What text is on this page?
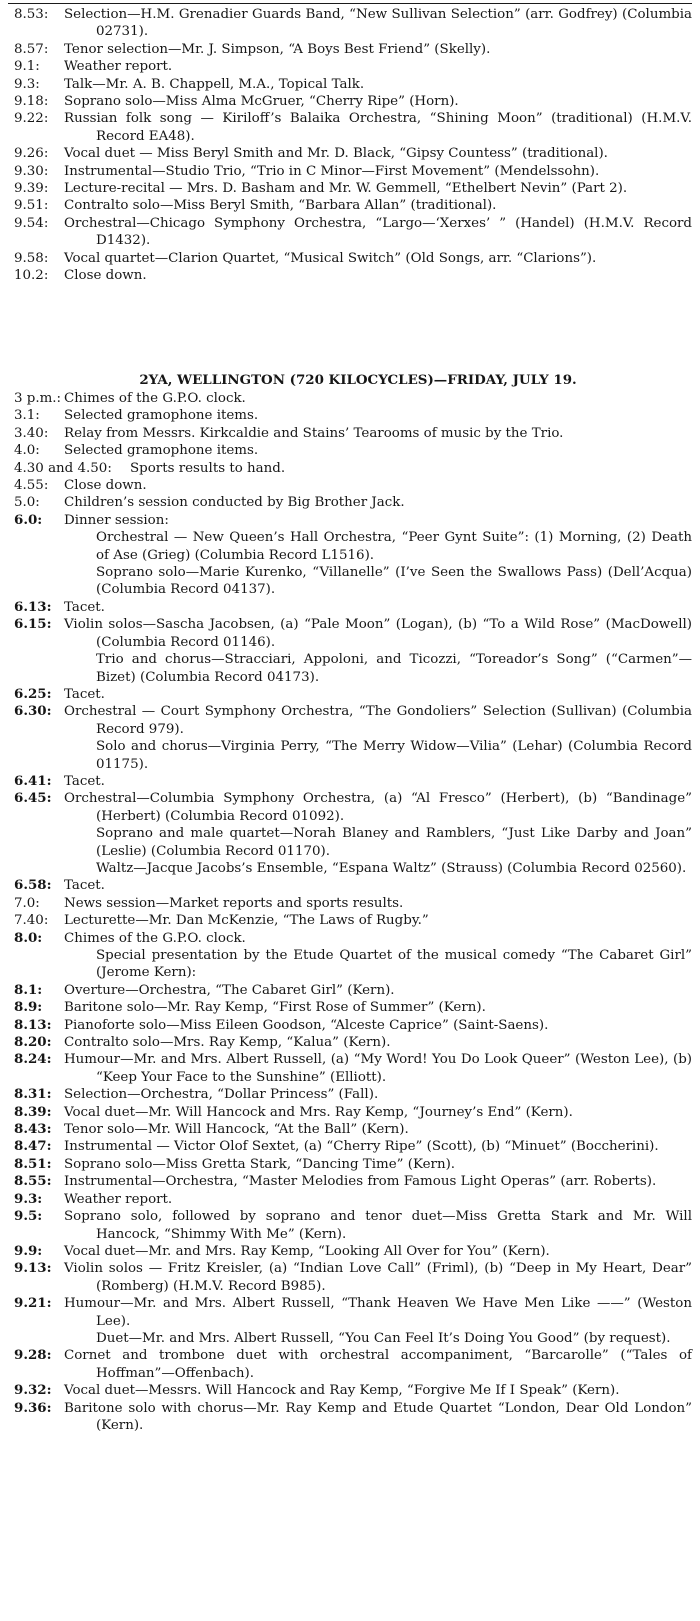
8.53: Selection—H.M. Grenadier Guards Band, “New Sullivan Selection” (arr. Godfrey) (Columbia 02731).
8.57: Tenor selection—Mr. J. Simpson, “A Boys Best Friend” (Skelly).
9.1: Weather report.
9.3: Talk—Mr. A. B. Chappell, M.A., Topical Talk.
9.18: Soprano solo—Miss Alma McGruer, “Cherry Ripe” (Horn).
9.22: Russian folk song — Kiriloff’s Balaika Orchestra, “Shining Moon” (traditional) (H.M.V. Record EA48).
9.26: Vocal duet — Miss Beryl Smith and Mr. D. Black, “Gipsy Countess” (traditional).
9.30: Instrumental—Studio Trio, “Trio in C Minor—First Movement” (Mendelssohn).
9.39: Lecture-recital — Mrs. D. Basham and Mr. W. Gemmell, “Ethelbert Nevin” (Part 2).
9.51: Contralto solo—Miss Beryl Smith, “Barbara Allan” (traditional).
9.54: Orchestral—Chicago Symphony Orchestra, “Largo—‘Xerxes’ ” (Handel) (H.M.V. Record D1432).
9.58: Vocal quartet—Clarion Quartet, “Musical Switch” (Old Songs, arr. “Clarions”).
10.2: Close down.
2YA, WELLINGTON (720 KILOCYCLES)—FRIDAY, JULY 19.
3 p.m.: Chimes of the G.P.O. clock.
3.1: Selected gramophone items.
3.40: Relay from Messrs. Kirkcaldie and Stains’ Tearooms of music by the Trio.
4.0: Selected gramophone items.
4.30 and 4.50: Sports results to hand.
4.55: Close down.
5.0: Children’s session conducted by Big Brother Jack.
6.0: Dinner session:
Orchestral — New Queen’s Hall Orchestra, “Peer Gynt Suite”: (1) Morning, (2) Death of Ase (Grieg) (Columbia Record L1516).
Soprano solo—Marie Kurenko, “Villanelle” (I’ve Seen the Swallows Pass) (Dell’Acqua) (Columbia Record 04137).
6.13: Tacet.
6.15: Violin solos—Sascha Jacobsen, (a) “Pale Moon” (Logan), (b) “To a Wild Rose” (MacDowell) (Columbia Record 01146).
Trio and chorus—Stracciari, Appoloni, and Ticozzi, “Toreador’s Song” (“Carmen”—Bizet) (Columbia Record 04173).
6.25: Tacet.
6.30: Orchestral — Court Symphony Orchestra, “The Gondoliers” Selection (Sullivan) (Columbia Record 979).
Solo and chorus—Virginia Perry, “The Merry Widow—Vilia” (Lehar) (Columbia Record 01175).
6.41: Tacet.
6.45: Orchestral—Columbia Symphony Orchestra, (a) “Al Fresco” (Herbert), (b) “Bandinage” (Herbert) (Columbia Record 01092).
Soprano and male quartet—Norah Blaney and Ramblers, “Just Like Darby and Joan” (Leslie) (Columbia Record 01170).
Waltz—Jacque Jacobs’s Ensemble, “Espana Waltz” (Strauss) (Columbia Record 02560).
6.58: Tacet.
7.0: News session—Market reports and sports results.
7.40: Lecturette—Mr. Dan McKenzie, “The Laws of Rugby.”
8.0: Chimes of the G.P.O. clock.
Special presentation by the Etude Quartet of the musical comedy “The Cabaret Girl” (Jerome Kern):
8.1: Overture—Orchestra, “The Cabaret Girl” (Kern).
8.9: Baritone solo—Mr. Ray Kemp, “First Rose of Summer” (Kern).
8.13: Pianoforte solo—Miss Eileen Goodson, “Alceste Caprice” (Saint-Saens).
8.20: Contralto solo—Mrs. Ray Kemp, “Kalua” (Kern).
8.24: Humour—Mr. and Mrs. Albert Russell, (a) “My Word! You Do Look Queer” (Weston Lee), (b) “Keep Your Face to the Sunshine” (Elliott).
8.31: Selection—Orchestra, “Dollar Princess” (Fall).
8.39: Vocal duet—Mr. Will Hancock and Mrs. Ray Kemp, “Journey’s End” (Kern).
8.43: Tenor solo—Mr. Will Hancock, “At the Ball” (Kern).
8.47: Instrumental — Victor Olof Sextet, (a) “Cherry Ripe” (Scott), (b) “Minuet” (Boccherini).
8.51: Soprano solo—Miss Gretta Stark, “Dancing Time” (Kern).
8.55: Instrumental—Orchestra, “Master Melodies from Famous Light Operas” (arr. Roberts).
9.3: Weather report.
9.5: Soprano solo, followed by soprano and tenor duet—Miss Gretta Stark and Mr. Will Hancock, “Shimmy With Me” (Kern).
9.9: Vocal duet—Mr. and Mrs. Ray Kemp, “Looking All Over for You” (Kern).
9.13: Violin solos — Fritz Kreisler, (a) “Indian Love Call” (Friml), (b) “Deep in My Heart, Dear” (Romberg) (H.M.V. Record B985).
9.21: Humour—Mr. and Mrs. Albert Russell, “Thank Heaven We Have Men Like ——” (Weston Lee).
Duet—Mr. and Mrs. Albert Russell, “You Can Feel It’s Doing You Good” (by request).
9.28: Cornet and trombone duet with orchestral accompaniment, “Barcarolle” (“Tales of Hoffman”—Offenbach).
9.32: Vocal duet—Messrs. Will Hancock and Ray Kemp, “Forgive Me If I Speak” (Kern).
9.36: Baritone solo with chorus—Mr. Ray Kemp and Etude Quartet “London, Dear Old London” (Kern).
